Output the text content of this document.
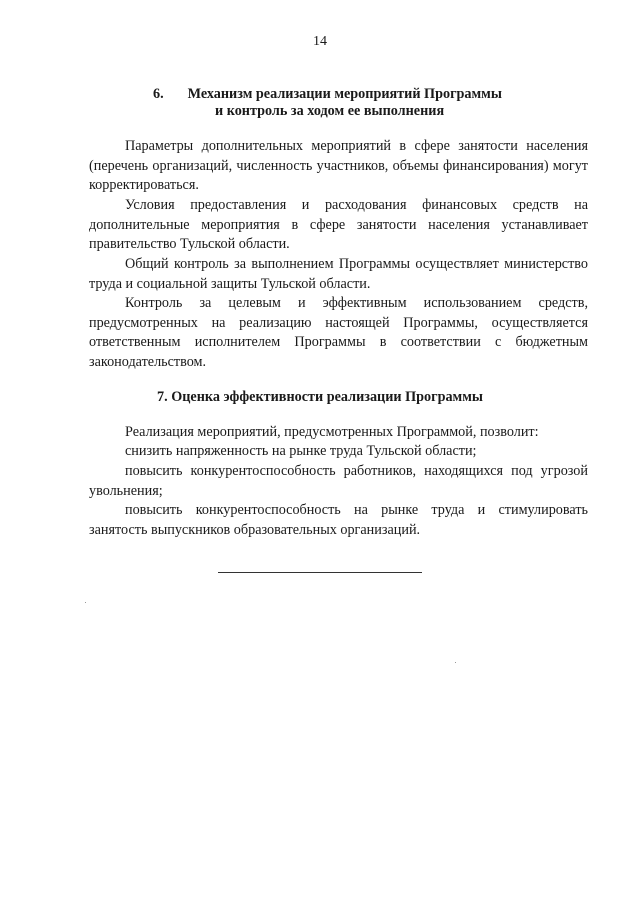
14
6. Механизм реализации мероприятий Программы
и контроль за ходом ее выполнения

Параметры дополнительных мероприятий в сфере занятости населения (перечень организаций, численность участников, объемы финансирования) могут корректироваться.

Условия предоставления и расходования финансовых средств на дополнительные мероприятия в сфере занятости населения устанавливает правительство Тульской области.

Общий контроль за выполнением Программы осуществляет министерство труда и социальной защиты Тульской области.

Контроль за целевым и эффективным использованием средств, предусмотренных на реализацию настоящей Программы, осуществляется ответственным исполнителем Программы в соответствии с бюджетным законодательством.

7. Оценка эффективности реализации Программы

Реализация мероприятий, предусмотренных Программой, позволит:

снизить напряженность на рынке труда Тульской области;

повысить конкурентоспособность работников, находящихся под угрозой увольнения;

повысить конкурентоспособность на рынке труда и стимулировать занятость выпускников образовательных организаций.
